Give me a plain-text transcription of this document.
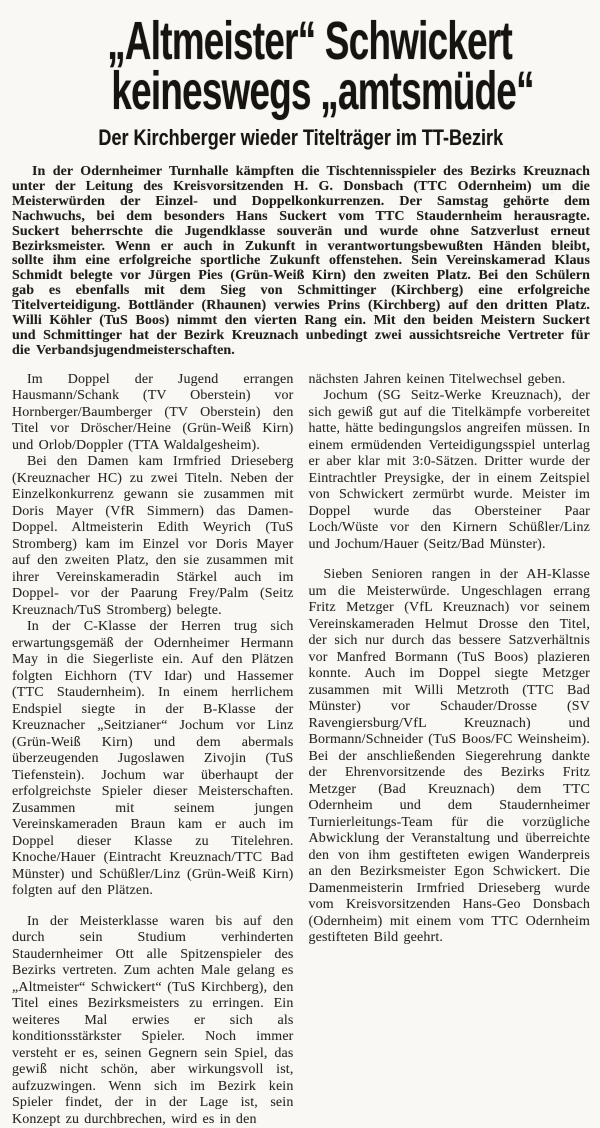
„Altmeister“ Schwickert
keineswegs „amtsmüde“
Der Kirchberger wieder Titelträger im TT-Bezirk

In der Odernheimer Turnhalle kämpften die Tischtennisspieler des Bezirks Kreuznach unter der Leitung des Kreisvorsitzenden H. G. Donsbach (TTC Odernheim) um die Meisterwürden der Einzel- und Doppelkonkurrenzen. Der Samstag gehörte dem Nachwuchs, bei dem besonders Hans Suckert vom TTC Staudernheim herausragte. Suckert beherrschte die Jugendklasse souverän und wurde ohne Satzverlust erneut Bezirksmeister. Wenn er auch in Zukunft in verantwortungsbewußten Händen bleibt, sollte ihm eine erfolgreiche sportliche Zukunft offenstehen. Sein Vereinskamerad Klaus Schmidt belegte vor Jürgen Pies (Grün-Weiß Kirn) den zweiten Platz. Bei den Schülern gab es ebenfalls mit dem Sieg von Schmittinger (Kirchberg) eine erfolgreiche Titelverteidigung. Bottländer (Rhaunen) verwies Prins (Kirchberg) auf den dritten Platz. Willi Köhler (TuS Boos) nimmt den vierten Rang ein. Mit den beiden Meistern Suckert und Schmittinger hat der Bezirk Kreuznach unbedingt zwei aussichtsreiche Vertreter für die Verbandsjugendmeisterschaften.

Im Doppel der Jugend errangen Hausmann/Schank (TV Oberstein) vor Hornberger/Baumberger (TV Oberstein) den Titel vor Dröscher/Heine (Grün-Weiß Kirn) und Orlob/Doppler (TTA Waldalgesheim).

Bei den Damen kam Irmfried Drieseberg (Kreuznacher HC) zu zwei Titeln. Neben der Einzelkonkurrenz gewann sie zusammen mit Doris Mayer (VfR Simmern) das Damen-Doppel. Altmeisterin Edith Weyrich (TuS Stromberg) kam im Einzel vor Doris Mayer auf den zweiten Platz, den sie zusammen mit ihrer Vereinskameradin Stärkel auch im Doppel- vor der Paarung Frey/Palm (Seitz Kreuznach/TuS Stromberg) belegte.

In der C-Klasse der Herren trug sich erwartungsgemäß der Odernheimer Hermann May in die Siegerliste ein. Auf den Plätzen folgten Eichhorn (TV Idar) und Hassemer (TTC Staudernheim). In einem herrlichem Endspiel siegte in der B-Klasse der Kreuznacher „Seitzianer“ Jochum vor Linz (Grün-Weiß Kirn) und dem abermals überzeugenden Jugoslawen Zivojin (TuS Tiefenstein). Jochum war überhaupt der erfolgreichste Spieler dieser Meisterschaften. Zusammen mit seinem jungen Vereinskameraden Braun kam er auch im Doppel dieser Klasse zu Titelehren. Knoche/Hauer (Eintracht Kreuznach/TTC Bad Münster) und Schüßler/Linz (Grün-Weiß Kirn) folgten auf den Plätzen.

In der Meisterklasse waren bis auf den durch sein Studium verhinderten Staudernheimer Ott alle Spitzenspieler des Bezirks vertreten. Zum achten Male gelang es „Altmeister“ Schwickert“ (TuS Kirchberg), den Titel eines Bezirksmeisters zu erringen. Ein weiteres Mal erwies er sich als konditionsstärkster Spieler. Noch immer versteht er es, seinen Gegnern sein Spiel, das gewiß nicht schön, aber wirkungsvoll ist, aufzuzwingen. Wenn sich im Bezirk kein Spieler findet, der in der Lage ist, sein Konzept zu durchbrechen, wird es in den

nächsten Jahren keinen Titelwechsel geben.

Jochum (SG Seitz-Werke Kreuznach), der sich gewiß gut auf die Titelkämpfe vorbereitet hatte, hätte bedingungslos angreifen müssen. In einem ermüdenden Verteidigungsspiel unterlag er aber klar mit 3:0-Sätzen. Dritter wurde der Eintrachtler Preysigke, der in einem Zeitspiel von Schwickert zermürbt wurde. Meister im Doppel wurde das Obersteiner Paar Loch/Wüste vor den Kirnern Schüßler/Linz und Jochum/Hauer (Seitz/Bad Münster).

Sieben Senioren rangen in der AH-Klasse um die Meisterwürde. Ungeschlagen errang Fritz Metzger (VfL Kreuznach) vor seinem Vereinskameraden Helmut Drosse den Titel, der sich nur durch das bessere Satzverhältnis vor Manfred Bormann (TuS Boos) plazieren konnte. Auch im Doppel siegte Metzger zusammen mit Willi Metzroth (TTC Bad Münster) vor Schauder/Drosse (SV Ravengiersburg/VfL Kreuznach) und Bormann/Schneider (TuS Boos/FC Weinsheim). Bei der anschließenden Siegerehrung dankte der Ehrenvorsitzende des Bezirks Fritz Metzger (Bad Kreuznach) dem TTC Odernheim und dem Staudernheimer Turnierleitungs-Team für die vorzügliche Abwicklung der Veranstaltung und überreichte den von ihm gestifteten ewigen Wanderpreis an den Bezirksmeister Egon Schwickert. Die Damenmeisterin Irmfried Drieseberg wurde vom Kreisvorsitzenden Hans-Geo Donsbach (Odernheim) mit einem vom TTC Odernheim gestifteten Bild geehrt.
